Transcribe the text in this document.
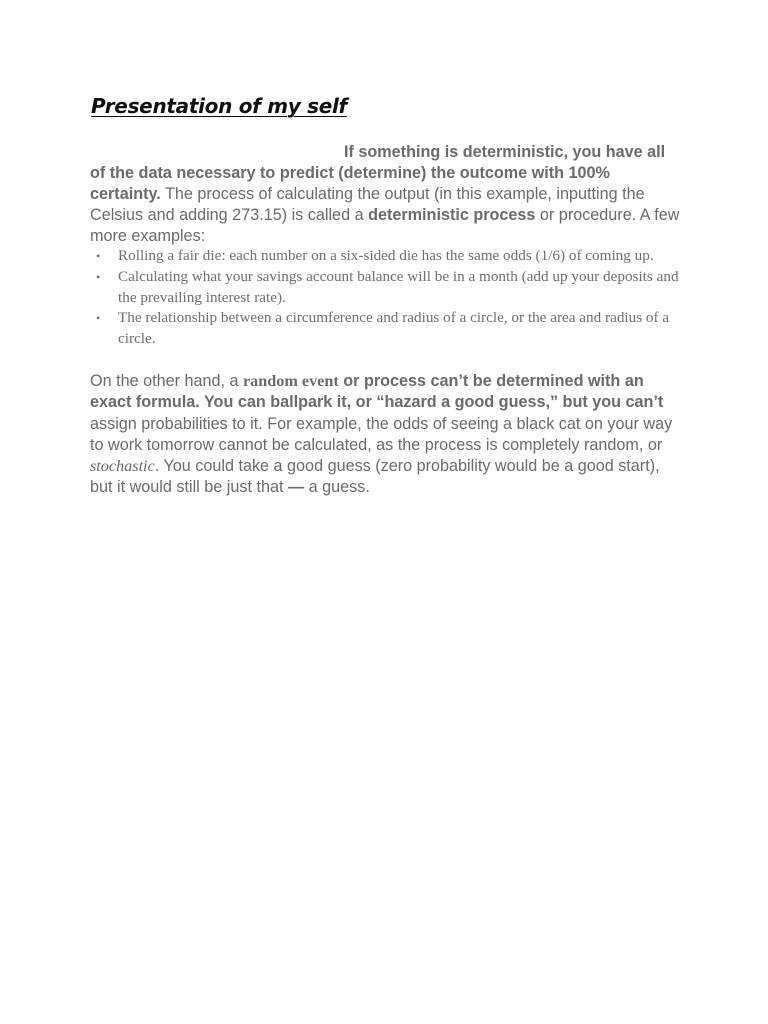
Presentation of my self

If something is deterministic, you have all of the data necessary to predict (determine) the outcome with 100% certainty. The process of calculating the output (in this example, inputting the Celsius and adding 273.15) is called a deterministic process or procedure. A few more examples:

• Rolling a fair die: each number on a six-sided die has the same odds (1/6) of coming up.
• Calculating what your savings account balance will be in a month (add up your deposits and the prevailing interest rate).
• The relationship between a circumference and radius of a circle, or the area and radius of a circle.

On the other hand, a random event or process can’t be determined with an exact formula. You can ballpark it, or “hazard a good guess,” but you can’t assign probabilities to it. For example, the odds of seeing a black cat on your way to work tomorrow cannot be calculated, as the process is completely random, or stochastic. You could take a good guess (zero probability would be a good start), but it would still be just that — a guess.
